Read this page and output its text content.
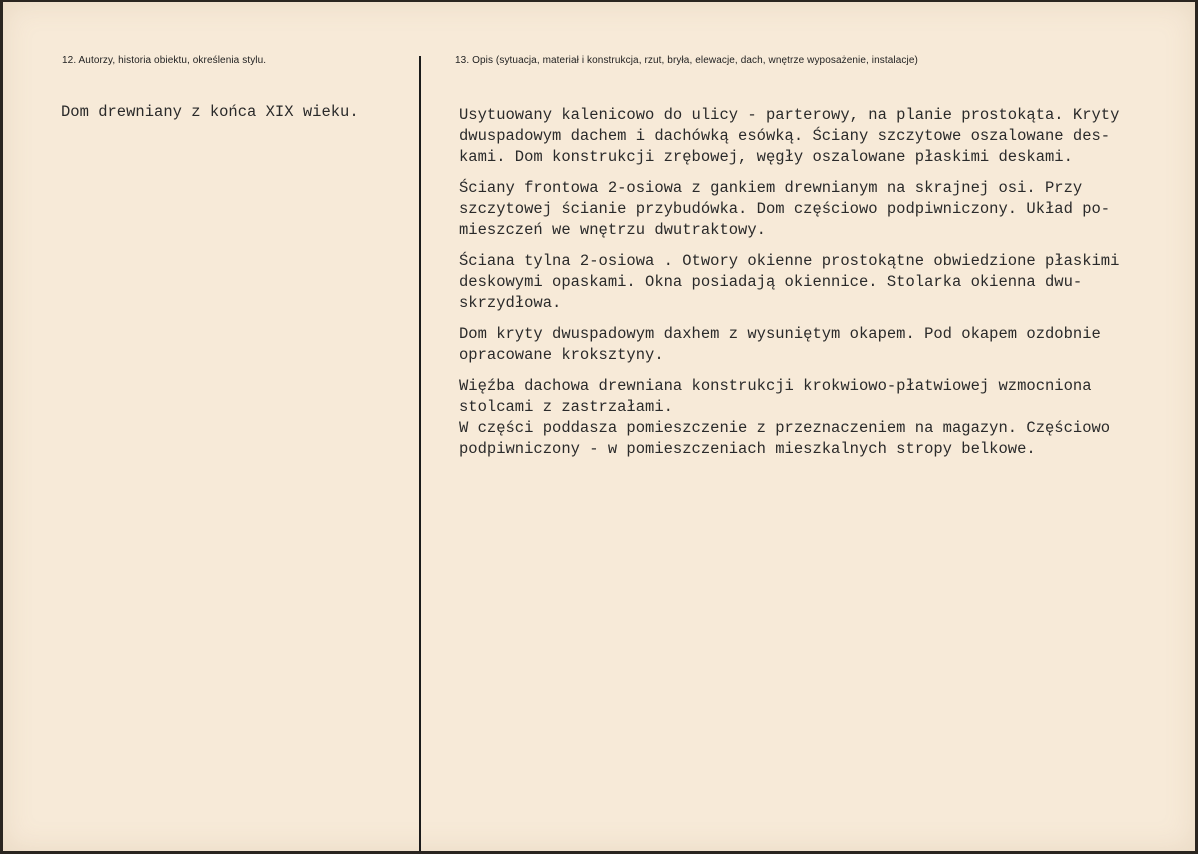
12. Autorzy, historia obiektu, określenia stylu.	13. Opis (sytuacja, materiał i konstrukcja, rzut, bryła, elewacje, dach, wnętrze wyposażenie, instalacje)
Dom drewniany z końca XIX wieku.	Usytuowany kalenicowo do ulicy - parterowy, na planie prostokąta. Kryty
dwuspadowym dachem i dachówką esówką. Ściany szczytowe oszalowane des-
kami. Dom konstrukcji zrębowej, węgły oszalowane płaskimi deskami.
Ściany frontowa 2-osiowa z gankiem drewnianym na skrajnej osi. Przy
szczytowej ścianie przybudówka. Dom częściowo podpiwniczony. Układ po-
mieszczeń we wnętrzu dwutraktowy.
Ściana tylna 2-osiowa . Otwory okienne prostokątne obwiedzione płaskimi
deskowymi opaskami. Okna posiadają okiennice. Stolarka okienna dwu-
skrzydłowa.
Dom kryty dwuspadowym daxhem z wysuniętym okapem. Pod okapem ozdobnie
opracowane kroksztyny.
Więźba dachowa drewniana konstrukcji krokwiowo-płatwiowej wzmocniona
stolcami z zastrzałami.
W części poddasza pomieszczenie z przeznaczeniem na magazyn. Częściowo
podpiwniczony - w pomieszczeniach mieszkalnych stropy belkowe.
